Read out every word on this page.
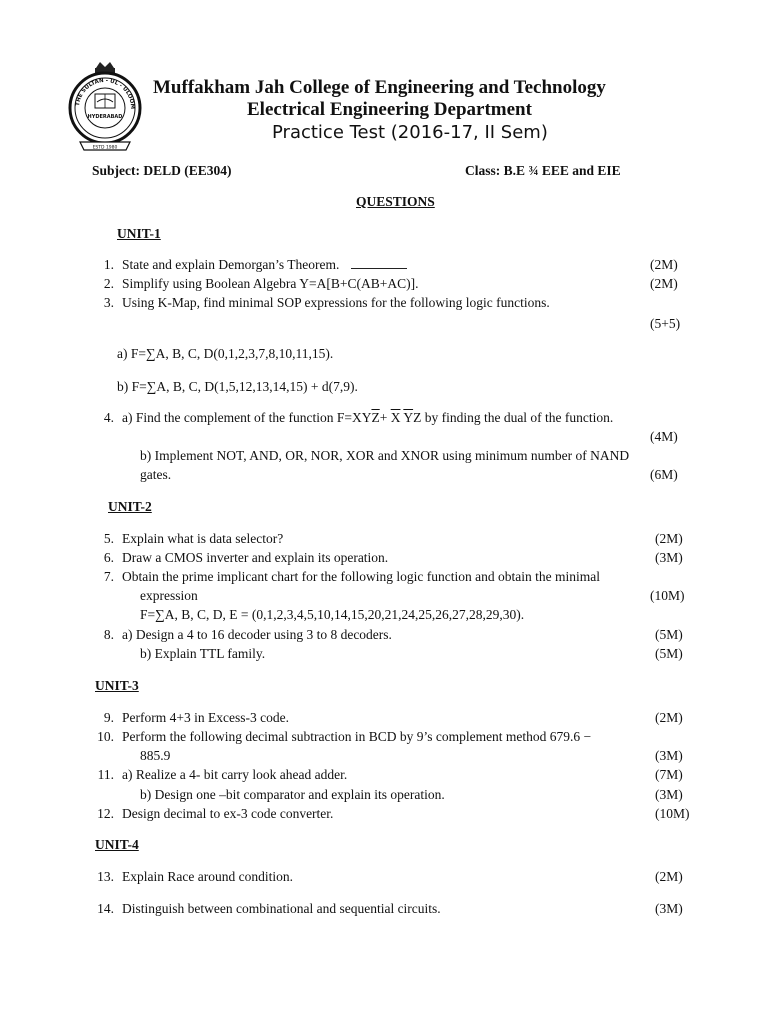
THE SULTAN - UL - ULOOM
HYDERABAD
ESTD 1980
Muffakham Jah College of Engineering and Technology
Electrical Engineering Department
Practice Test (2016-17, II Sem)
Subject: DELD (EE304)	Class: B.E ¾ EEE and EIE
QUESTIONS
UNIT-1
1. State and explain Demorgan’s Theorem.	(2M)
2. Simplify using Boolean Algebra Y=A[B+C(AB+AC)].	(2M)
3. Using K-Map, find minimal SOP expressions for the following logic functions.
(5+5)
a) F=∑A, B, C, D(0,1,2,3,7,8,10,11,15).
b) F=∑A, B, C, D(1,5,12,13,14,15) + d(7,9).
4. a) Find the complement of the function $F=XY\overline{Z}+ \overline{X}$ $\overline{Y}Z$ by finding the dual of the function.
(4M)
b) Implement NOT, AND, OR, NOR, XOR and XNOR using minimum number of NAND
gates.	(6M)
UNIT-2
5. Explain what is data selector?	(2M)
6. Draw a CMOS inverter and explain its operation.	(3M)
7. Obtain the prime implicant chart for the following logic function and obtain the minimal
expression	(10M)
F=∑A, B, C, D, E = (0,1,2,3,4,5,10,14,15,20,21,24,25,26,27,28,29,30).
8. a) Design a 4 to 16 decoder using 3 to 8 decoders.	(5M)
b) Explain TTL family.	(5M)
UNIT-3
9. Perform 4+3 in Excess-3 code.	(2M)
10. Perform the following decimal subtraction in BCD by 9’s complement method 679.6 −
885.9	(3M)
11. a) Realize a 4- bit carry look ahead adder.	(7M)
b) Design one –bit comparator and explain its operation.	(3M)
12. Design decimal to ex-3 code converter.	(10M)
UNIT-4
13. Explain Race around condition.	(2M)
14. Distinguish between combinational and sequential circuits.	(3M)
